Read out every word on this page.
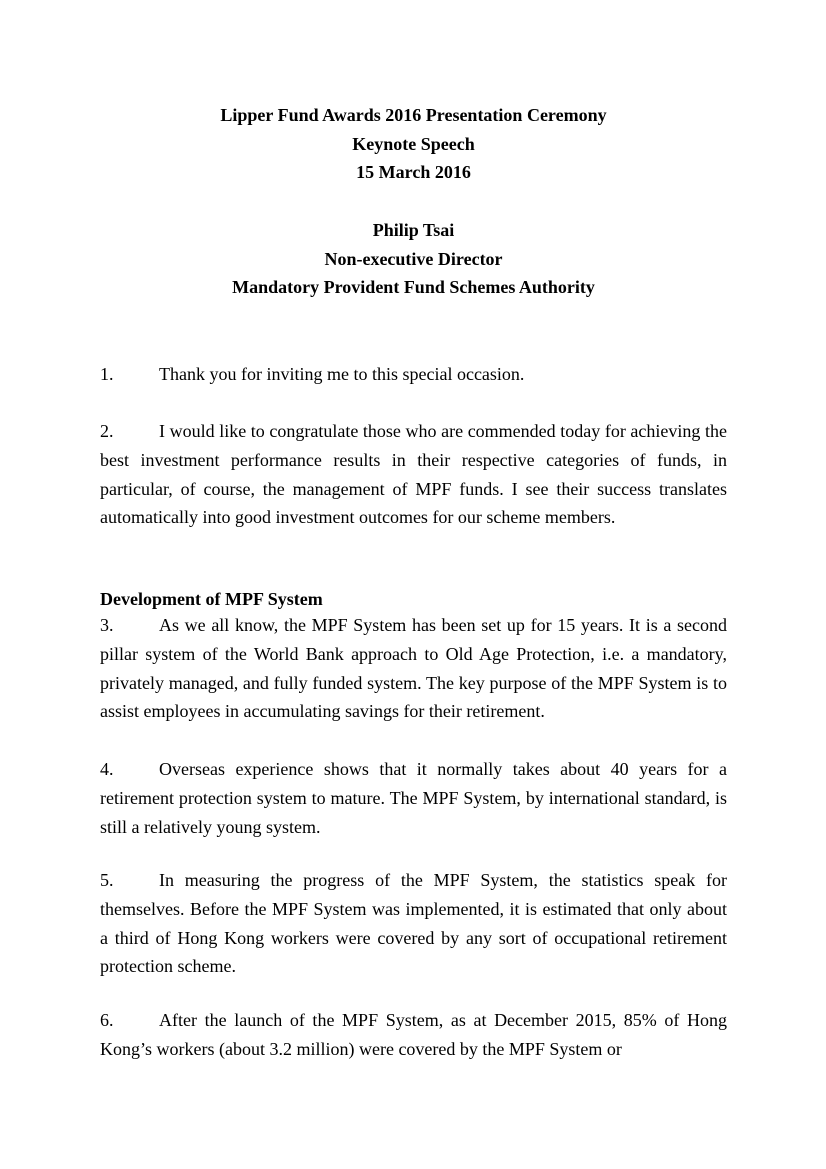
Lipper Fund Awards 2016 Presentation Ceremony
Keynote Speech
15 March 2016
Philip Tsai
Non-executive Director
Mandatory Provident Fund Schemes Authority
1.	Thank you for inviting me to this special occasion.
2.	I would like to congratulate those who are commended today for achieving the best investment performance results in their respective categories of funds, in particular, of course, the management of MPF funds. I see their success translates automatically into good investment outcomes for our scheme members.
Development of MPF System
3.	As we all know, the MPF System has been set up for 15 years. It is a second pillar system of the World Bank approach to Old Age Protection, i.e. a mandatory, privately managed, and fully funded system. The key purpose of the MPF System is to assist employees in accumulating savings for their retirement.
4.	Overseas experience shows that it normally takes about 40 years for a retirement protection system to mature. The MPF System, by international standard, is still a relatively young system.
5.	In measuring the progress of the MPF System, the statistics speak for themselves. Before the MPF System was implemented, it is estimated that only about a third of Hong Kong workers were covered by any sort of occupational retirement protection scheme.
6.	After the launch of the MPF System, as at December 2015, 85% of Hong Kong’s workers (about 3.2 million) were covered by the MPF System or
